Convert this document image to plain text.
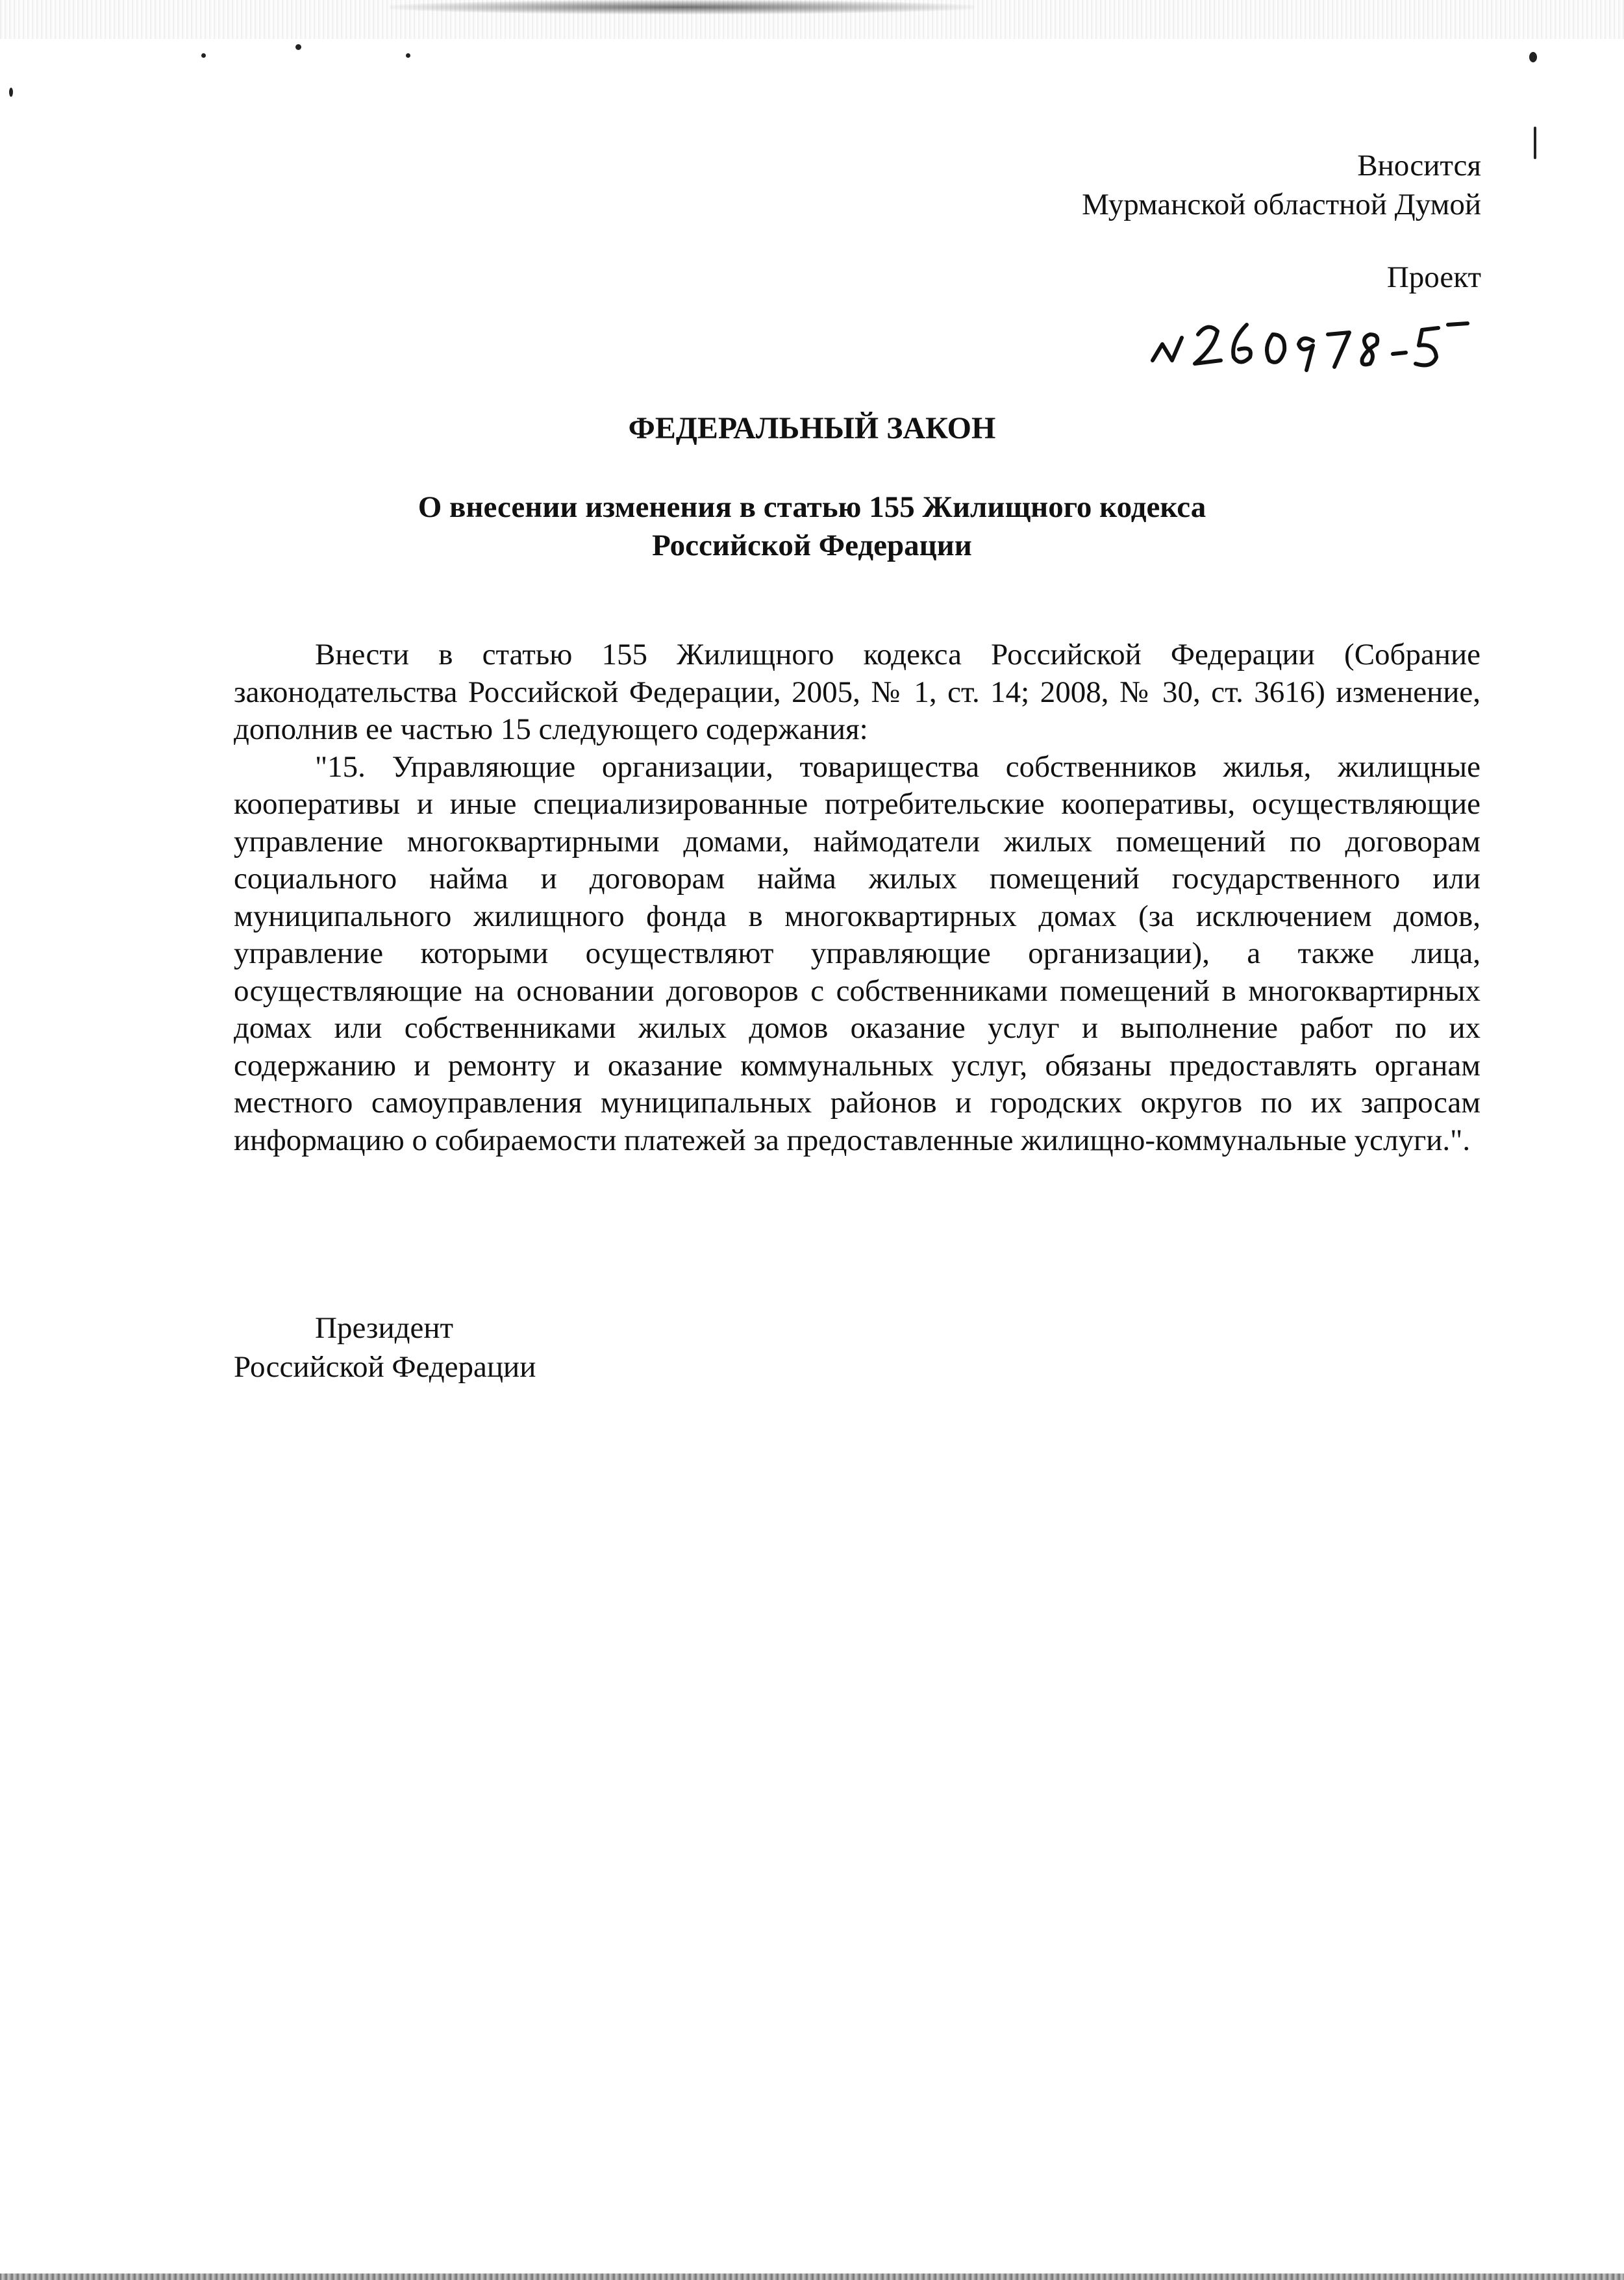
Вносится
Мурманской областной Думой
Проект
ФЕДЕРАЛЬНЫЙ ЗАКОН
О внесении изменения в статью 155 Жилищного кодекса
Российской Федерации

Внести в статью 155 Жилищного кодекса Российской Федерации (Собрание законодательства Российской Федерации, 2005, № 1, ст. 14; 2008, № 30, ст. 3616) изменение, дополнив ее частью 15 следующего содержания:

"15. Управляющие организации, товарищества собственников жилья, жилищные кооперативы и иные специализированные потребительские кооперативы, осуществляющие управление многоквартирными домами, наймодатели жилых помещений по договорам социального найма и договорам найма жилых помещений государственного или муниципального жилищного фонда в многоквартирных домах (за исключением домов, управление которыми осуществляют управляющие организации), а также лица, осуществляющие на основании договоров с собственниками помещений в многоквартирных домах или собственниками жилых домов оказание услуг и выполнение работ по их содержанию и ремонту и оказание коммунальных услуг, обязаны предоставлять органам местного самоуправления муниципальных районов и городских округов по их запросам информацию о собираемости платежей за предоставленные жилищно-коммунальные услуги.".

Президент
Российской Федерации
